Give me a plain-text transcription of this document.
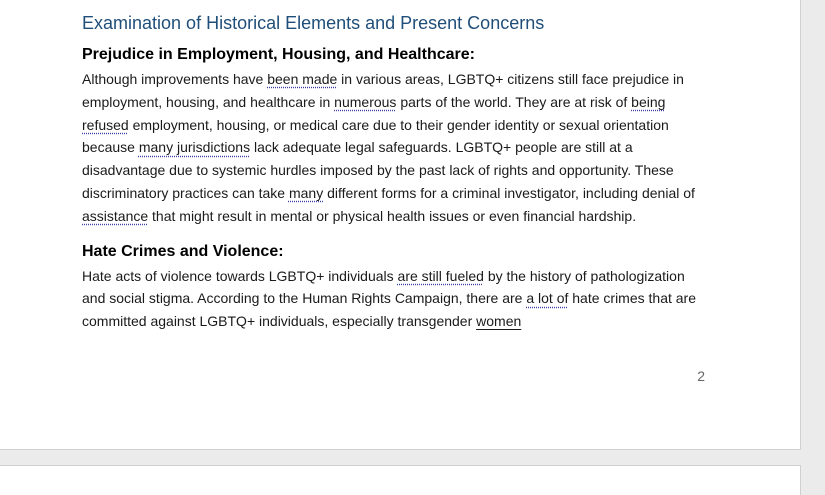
Examination of Historical Elements and Present Concerns
Prejudice in Employment, Housing, and Healthcare:

Although improvements have been made in various areas, LGBTQ+ citizens still face prejudice in employment, housing, and healthcare in numerous parts of the world. They are at risk of being refused employment, housing, or medical care due to their gender identity or sexual orientation because many jurisdictions lack adequate legal safeguards. LGBTQ+ people are still at a disadvantage due to systemic hurdles imposed by the past lack of rights and opportunity. These discriminatory practices can take many different forms for a criminal investigator, including denial of assistance that might result in mental or physical health issues or even financial hardship.

Hate Crimes and Violence:

Hate acts of violence towards LGBTQ+ individuals are still fueled by the history of pathologization and social stigma. According to the Human Rights Campaign, there are a lot of hate crimes that are committed against LGBTQ+ individuals, especially transgender women

2
